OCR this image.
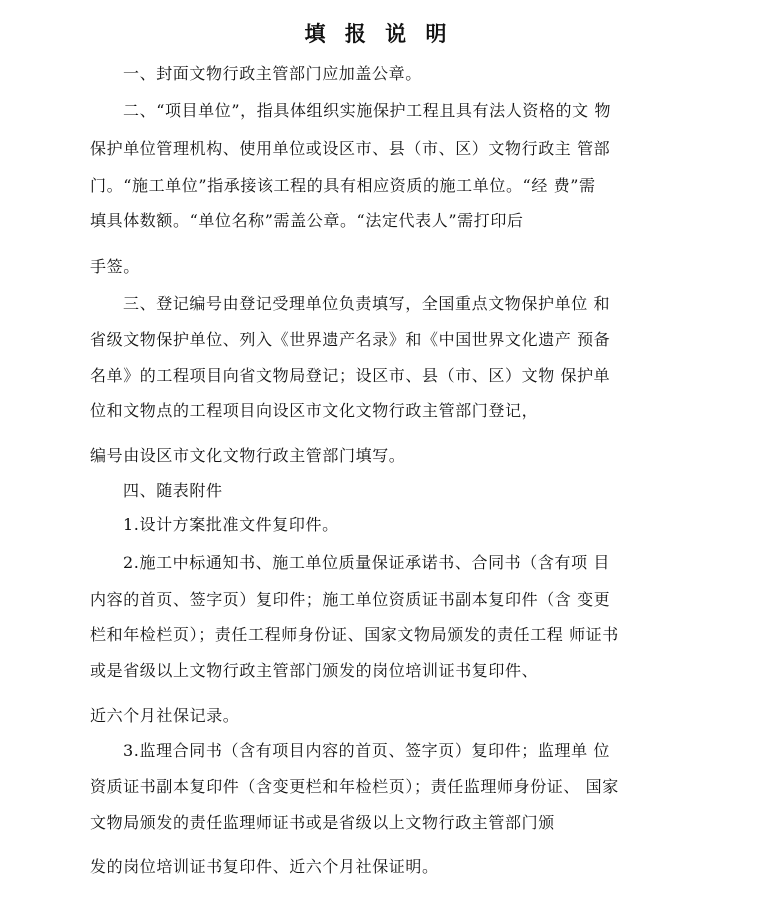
填 报 说 明
一、封面文物行政主管部门应加盖公章。
二、“项目单位”，指具体组织实施保护工程且具有法人资格的文 物
保护单位管理机构、使用单位或设区市、县（市、区）文物行政主 管部
门。“施工单位”指承接该工程的具有相应资质的施工单位。“经 费”需
填具体数额。“单位名称”需盖公章。“法定代表人”需打印后
手签。
三、登记编号由登记受理单位负责填写，全国重点文物保护单位 和
省级文物保护单位、列入《世界遗产名录》和《中国世界文化遗产 预备
名单》的工程项目向省文物局登记；设区市、县（市、区）文物 保护单
位和文物点的工程项目向设区市文化文物行政主管部门登记，
编号由设区市文化文物行政主管部门填写。
四、随表附件
1.设计方案批准文件复印件。
2.施工中标通知书、施工单位质量保证承诺书、合同书（含有项 目
内容的首页、签字页）复印件；施工单位资质证书副本复印件（含 变更
栏和年检栏页）；责任工程师身份证、国家文物局颁发的责任工程 师证书
或是省级以上文物行政主管部门颁发的岗位培训证书复印件、
近六个月社保记录。
3.监理合同书（含有项目内容的首页、签字页）复印件；监理单 位
资质证书副本复印件（含变更栏和年检栏页）；责任监理师身份证、 国家
文物局颁发的责任监理师证书或是省级以上文物行政主管部门颁
发的岗位培训证书复印件、近六个月社保证明。
